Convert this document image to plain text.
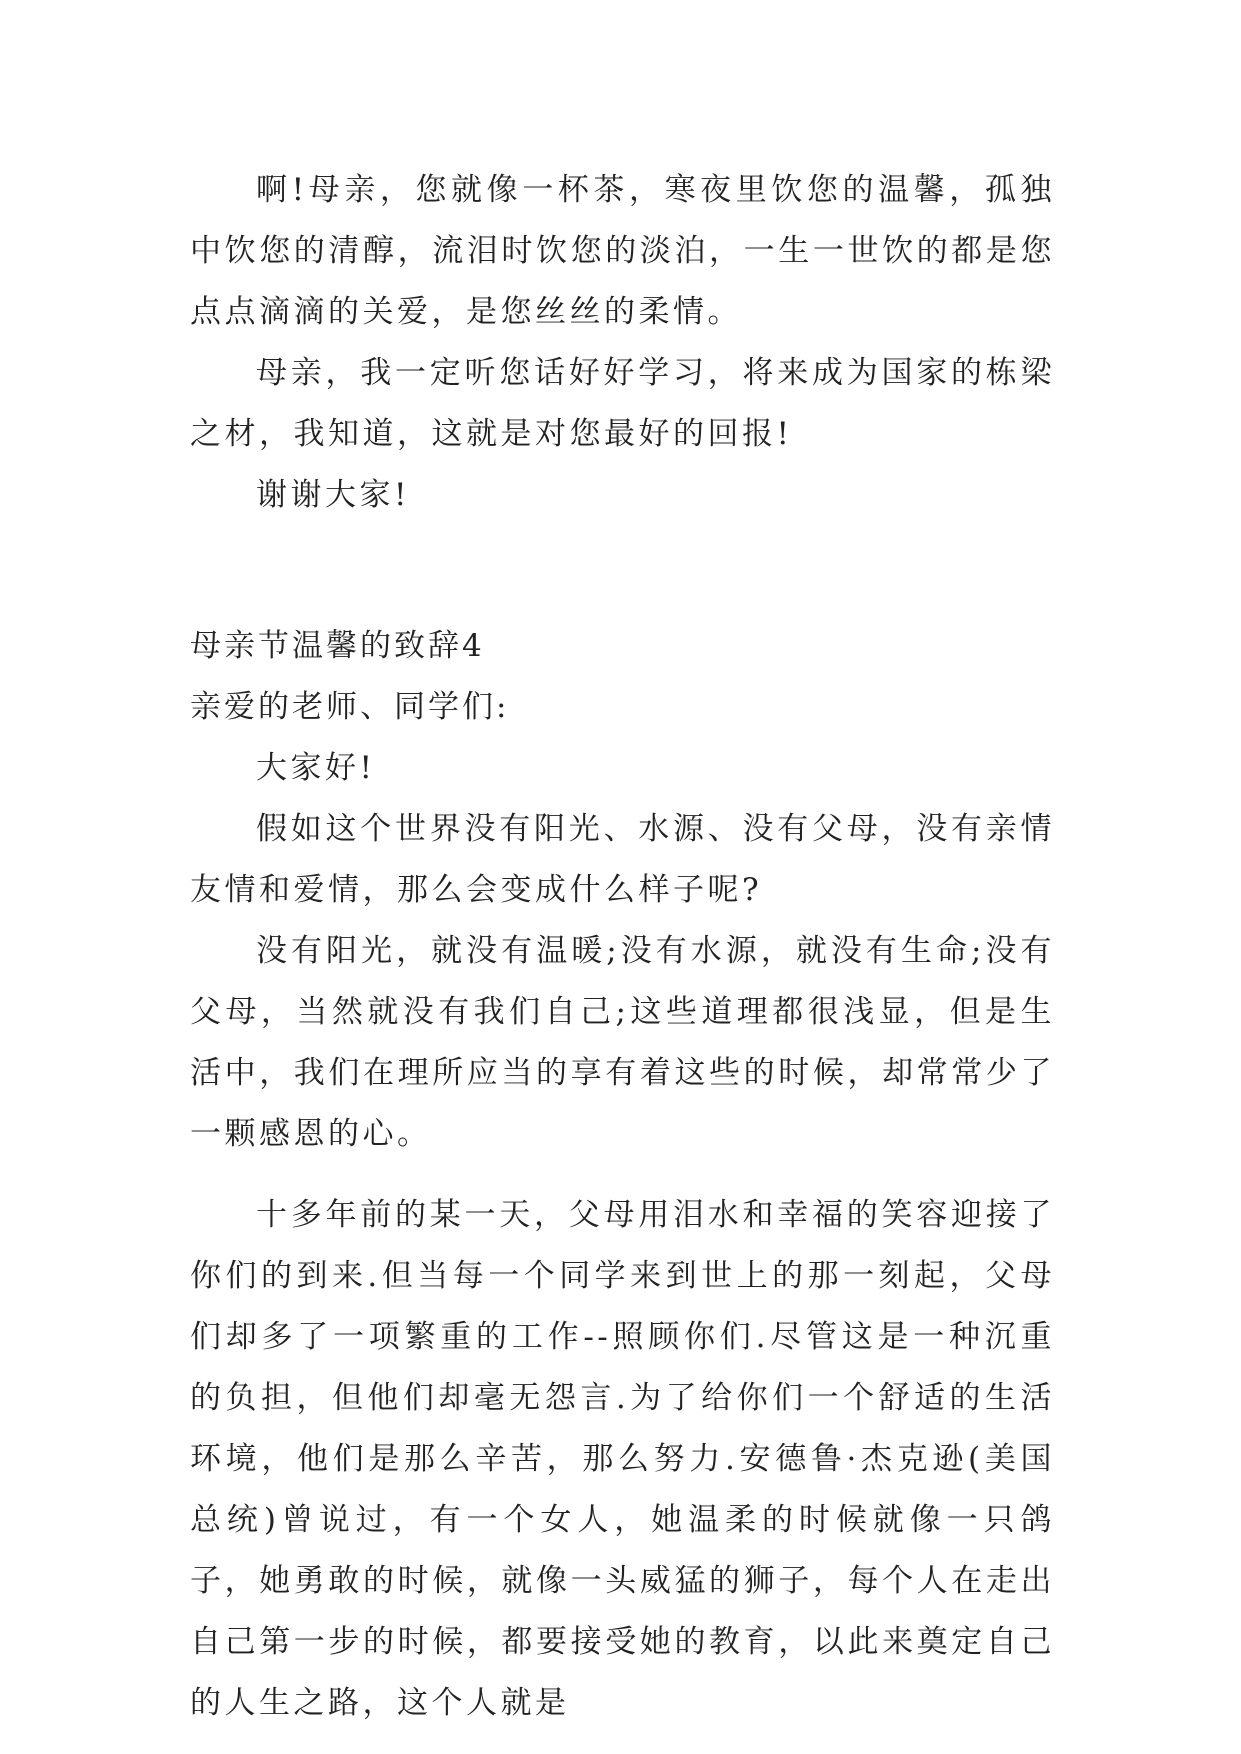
啊!母亲，您就像一杯茶，寒夜里饮您的温馨，孤独中饮您的清醇，流泪时饮您的淡泊，一生一世饮的都是您点点滴滴的关爱，是您丝丝的柔情。

母亲，我一定听您话好好学习，将来成为国家的栋梁之材，我知道，这就是对您最好的回报!

谢谢大家!

母亲节温馨的致辞4

亲爱的老师、同学们:

大家好!

假如这个世界没有阳光、水源、没有父母，没有亲情友情和爱情，那么会变成什么样子呢?

没有阳光，就没有温暖;没有水源，就没有生命;没有父母，当然就没有我们自己;这些道理都很浅显，但是生活中，我们在理所应当的享有着这些的时候，却常常少了一颗感恩的心。

十多年前的某一天，父母用泪水和幸福的笑容迎接了你们的到来.但当每一个同学来到世上的那一刻起，父母们却多了一项繁重的工作--照顾你们.尽管这是一种沉重的负担，但他们却毫无怨言.为了给你们一个舒适的生活环境，他们是那么辛苦，那么努力.安德鲁·杰克逊(美国总统)曾说过，有一个女人，她温柔的时候就像一只鸽子，她勇敢的时候，就像一头威猛的狮子，每个人在走出自己第一步的时候，都要接受她的教育，以此来奠定自己的人生之路，这个人就是
